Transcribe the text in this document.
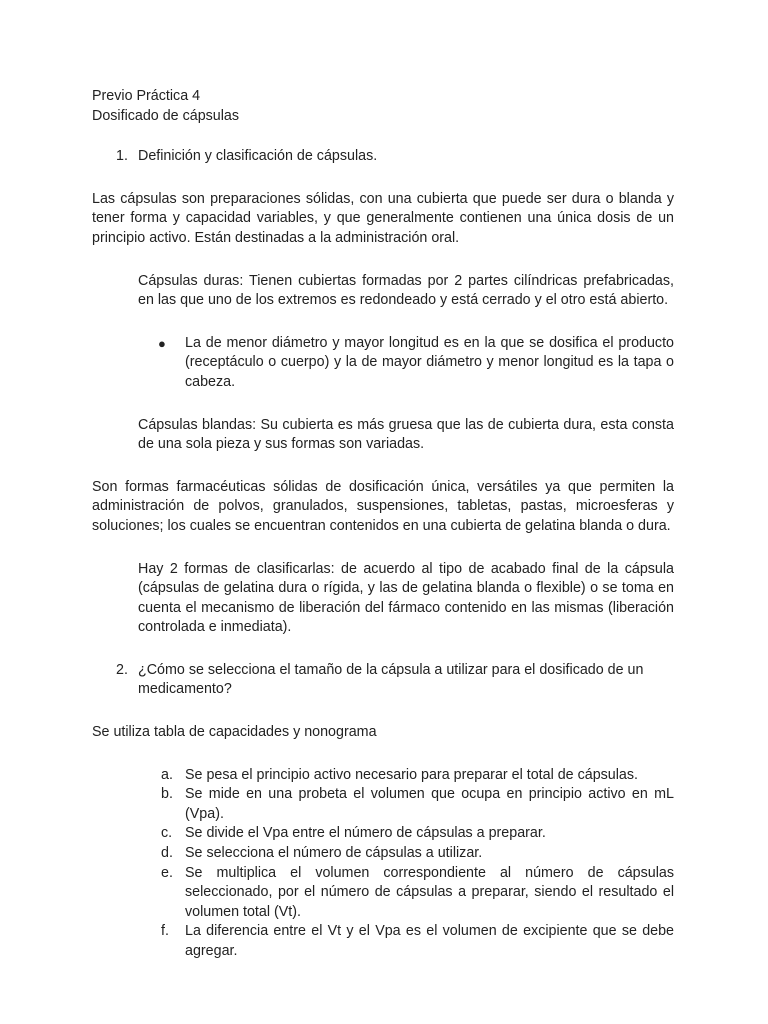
Previo Práctica 4

Dosificado de cápsulas

1. Definición y clasificación de cápsulas.

Las cápsulas son preparaciones sólidas, con una cubierta que puede ser dura o blanda y tener forma y capacidad variables, y que generalmente contienen una única dosis de un principio activo. Están destinadas a la administración oral.

Cápsulas duras: Tienen cubiertas formadas por 2 partes cilíndricas prefabricadas, en las que uno de los extremos es redondeado y está cerrado y el otro está abierto.

● La de menor diámetro y mayor longitud es en la que se dosifica el producto (receptáculo o cuerpo) y la de mayor diámetro y menor longitud es la tapa o cabeza.

Cápsulas blandas: Su cubierta es más gruesa que las de cubierta dura, esta consta de una sola pieza y sus formas son variadas.

Son formas farmacéuticas sólidas de dosificación única, versátiles ya que permiten la administración de polvos, granulados, suspensiones, tabletas, pastas, microesferas y soluciones; los cuales se encuentran contenidos en una cubierta de gelatina blanda o dura.

Hay 2 formas de clasificarlas: de acuerdo al tipo de acabado final de la cápsula (cápsulas de gelatina dura o rígida, y las de gelatina blanda o flexible) o se toma en cuenta el mecanismo de liberación del fármaco contenido en las mismas (liberación controlada e inmediata).

2. ¿Cómo se selecciona el tamaño de la cápsula a utilizar para el dosificado de un medicamento?

Se utiliza tabla de capacidades y nonograma

a. Se pesa el principio activo necesario para preparar el total de cápsulas.

b. Se mide en una probeta el volumen que ocupa en principio activo en mL (Vpa).

c. Se divide el Vpa entre el número de cápsulas a preparar.

d. Se selecciona el número de cápsulas a utilizar.

e. Se multiplica el volumen correspondiente al número de cápsulas seleccionado, por el número de cápsulas a preparar, siendo el resultado el volumen total (Vt).

f. La diferencia entre el Vt y el Vpa es el volumen de excipiente que se debe agregar.
